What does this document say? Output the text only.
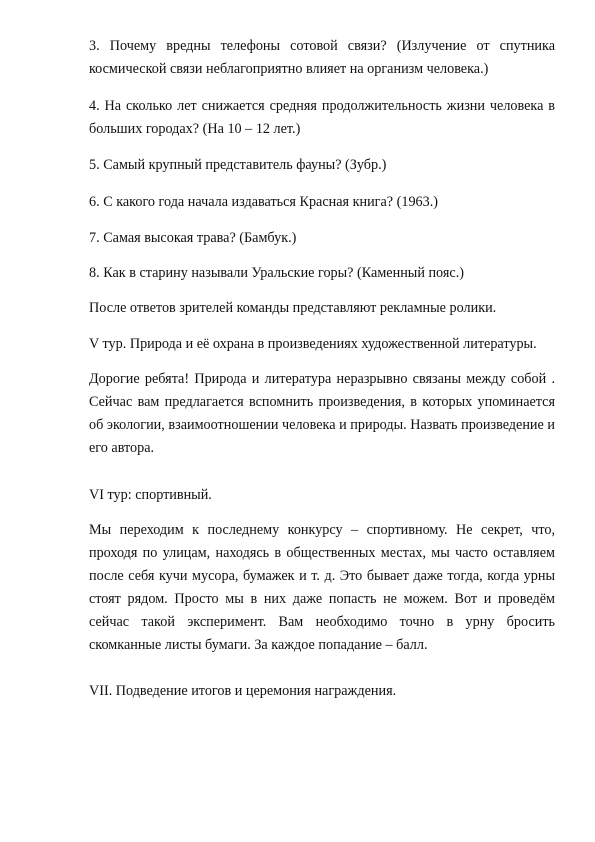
3. Почему вредны телефоны сотовой связи? (Излучение от спутника космической связи неблагоприятно влияет на организм человека.)

4. На сколько лет снижается средняя продолжительность жизни человека в больших городах? (На 10 – 12 лет.)

5. Самый крупный представитель фауны? (Зубр.)

6. С какого года начала издаваться Красная книга? (1963.)

7. Самая высокая трава? (Бамбук.)

8. Как в старину называли Уральские горы? (Каменный пояс.)

После ответов зрителей команды представляют рекламные ролики.

V тур. Природа и её охрана в произведениях художественной литературы.

Дорогие ребята! Природа и литература неразрывно связаны между собой . Сейчас вам предлагается вспомнить произведения, в которых упоминается об экологии, взаимоотношении человека и природы. Назвать произведение и его автора.

VI тур: спортивный.

Мы переходим к последнему конкурсу – спортивному. Не секрет, что, проходя по улицам, находясь в общественных местах, мы часто оставляем после себя кучи мусора, бумажек и т. д. Это бывает даже тогда, когда урны стоят рядом. Просто мы в них даже попасть не можем. Вот и проведём сейчас такой эксперимент. Вам необходимо точно в урну бросить скомканные листы бумаги. За каждое попадание – балл.

VII. Подведение итогов и церемония награждения.
